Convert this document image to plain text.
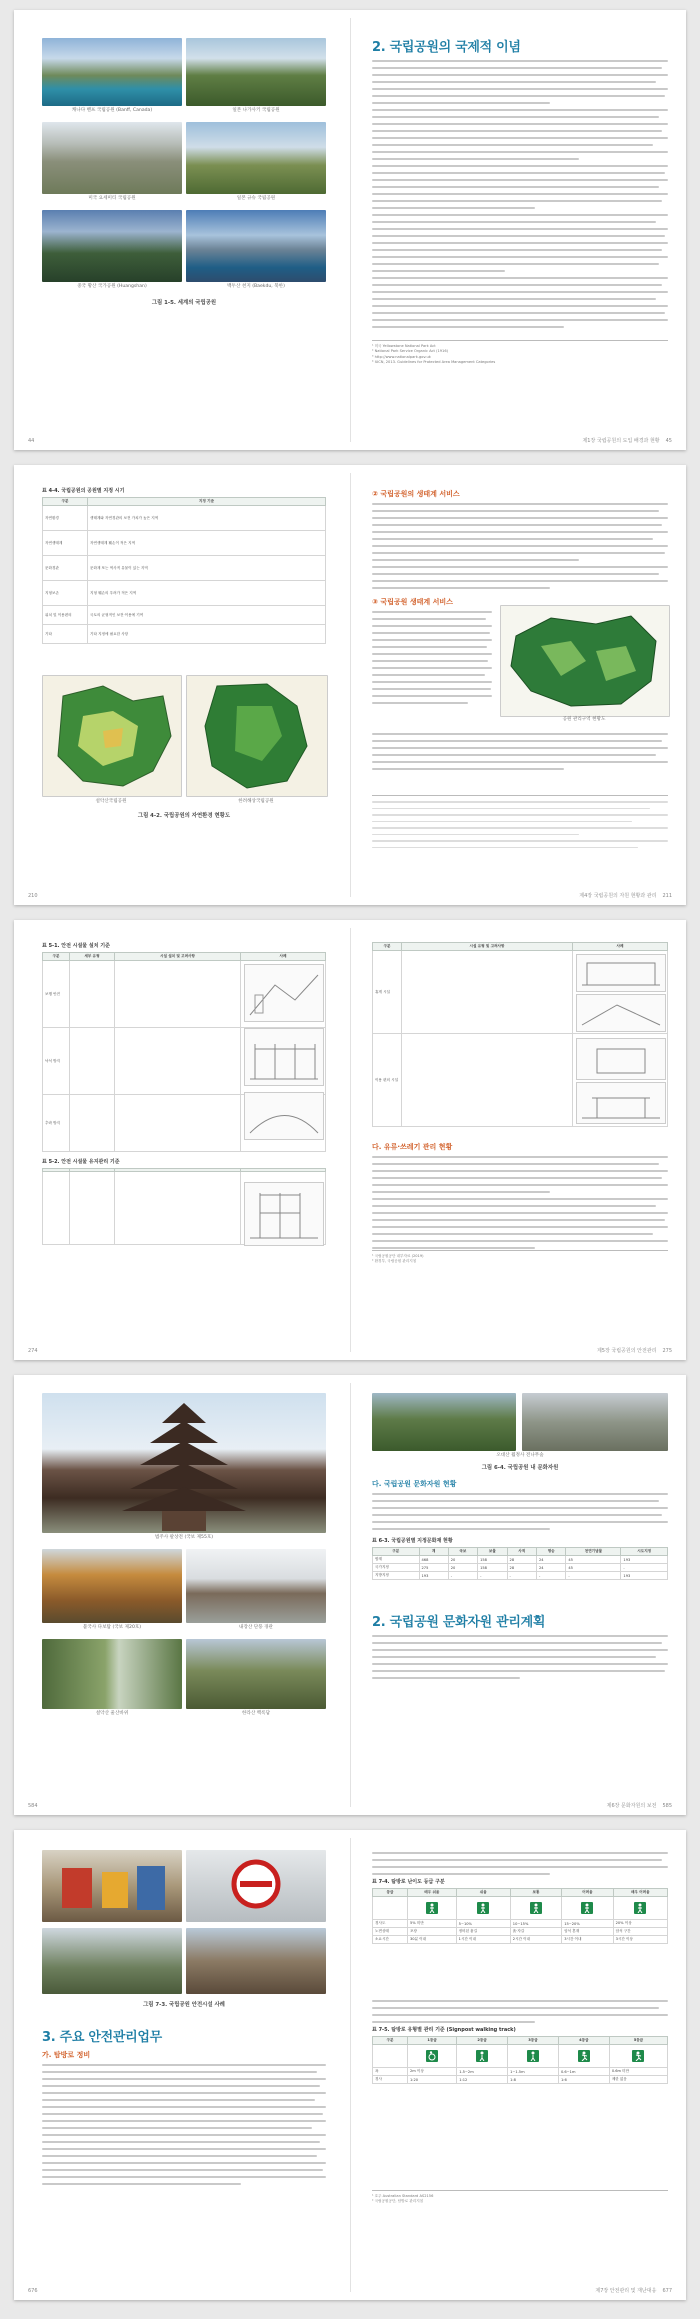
캐나다 밴프 국립공원 (Banff, Canada)	일본 나가사키 국립공원
미국 요세미티 국립공원	일본 규슈 국립공원
중국 황산 국가공원 (Huangshan)	백두산 천지 (Baekdu, 북한)
그림 1-5. 세계의 국립공원
2. 국립공원의 국제적 이념
¹ 미국 Yellowstone National Park Act
² National Park Service Organic Act (1916)
³ http://www.nationalpark.gov.uk
⁴ IUCN, 2013. Guidelines for Protected Area Management Categories
44	제1장 국립공원의 도입 배경과 현황 45
표 4-4. 국립공원의 공원별 지정 시기
구분	지정 기준
자연환경	생태계와 자연경관의 보전 가치가 높은 지역
자연생태계	자연생태계 훼손이 적은 지역
문화경관	문화재 또는 역사적 유물이 있는 지역
지형보존	지형 훼손의 우려가 적은 지역
위치 및 이용편의	국토의 균형적인 보전·이용에 기여
기타	기타 지정에 필요한 사항
설악산국립공원	한려해상국립공원
그림 4-2. 국립공원의 자연환경 현황도
② 국립공원의 생태계 서비스
③ 국립공원 생태계 서비스
공원 관리구역 현황도
210	제4장 국립공원의 자원 현황과 관리 211
표 5-1. 안전 시설물 설치 기준
구분	세부 유형	시설 설치 및 고려사항	사례
보행 안전			
낙석 방지			
추락 방지			
표 5-2. 안전 시설물 유지관리 기준

구분	시설 유형 및 고려사항	사례
휴게 시설		
이용 편의 시설		
다. 유류·쓰레기 관리 현황
¹ 국립공원공단 내부자료 (2019)
² 환경부, 국립공원 관리지침
274	제5장 국립공원의 안전관리 275
법주사 팔상전 (국보 제55호)
불국사 다보탑 (국보 제20호)	내장산 단풍 경관
설악산 울산바위	한라산 백록담
오대산 월정사 전나무숲
그림 6-4. 국립공원 내 문화자원
다. 국립공원 문화자원 현황
표 6-3. 국립공원별 지정문화재 현황
구분	계	국보	보물	사적	명승	천연기념물	시도지정
합계	468	20	158	28	24	45	193
국가지정	275	20	158	28	24	45	-
지방지정	193	-	-	-	-	-	193
2. 국립공원 문화자원 관리계획
584	제6장 문화자원의 보전 585
그림 7-3. 국립공원 안전시설 사례
3. 주요 안전관리업무
가. 탐방로 정비
표 7-4. 탐방로 난이도 등급 구분
등급	매우 쉬움	쉬움	보통	어려움	매우 어려움

경사도	5% 미만	5~10%	10~15%	15~20%	20% 이상
노면상태	포장	정비된 흙길	흙·자갈	암석 혼재	암석 구간
소요시간	30분 이내	1시간 이내	2시간 이내	3시간 이내	3시간 이상
표 7-5. 탐방로 유형별 관리 기준 (Signpost walking track)
구분	1등급	2등급	3등급	4등급	5등급

폭	2m 이상	1.5~2m	1~1.5m	0.6~1m	0.6m 미만
경사	1:20	1:12	1:8	1:6	제한 없음
¹ 호주 Australian Standard AS2156
² 국립공원공단, 탐방로 관리지침
676	제7장 안전관리 및 재난대응 677
